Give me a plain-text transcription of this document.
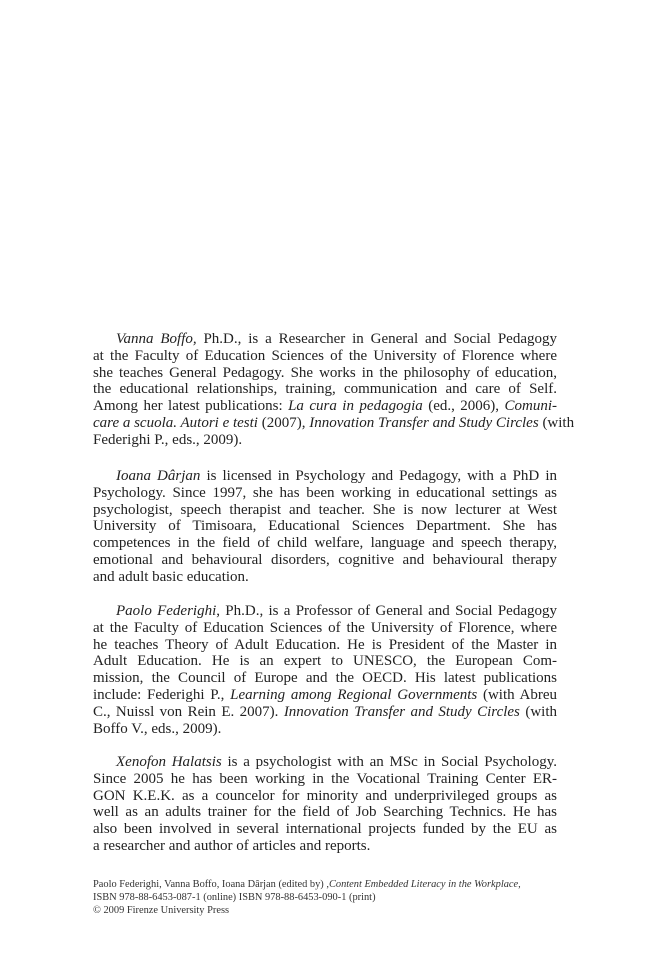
Vanna Boffo, Ph.D., is a Researcher in General and Social Pedagogy
at the Faculty of Education Sciences of the University of Florence where
she teaches General Pedagogy. She works in the philosophy of education,
the educational relationships, training, communication and care of Self.
Among her latest publications: La cura in pedagogia (ed., 2006), Comuni-
care a scuola. Autori e testi (2007), Innovation Transfer and Study Circles (with
Federighi P., eds., 2009).
Ioana Dârjan is licensed in Psychology and Pedagogy, with a PhD in
Psychology. Since 1997, she has been working in educational settings as
psychologist, speech therapist and teacher. She is now lecturer at West
University of Timisoara, Educational Sciences Department. She has
competences in the field of child welfare, language and speech therapy,
emotional and behavioural disorders, cognitive and behavioural therapy
and adult basic education.
Paolo Federighi, Ph.D., is a Professor of General and Social Pedagogy
at the Faculty of Education Sciences of the University of Florence, where
he teaches Theory of Adult Education. He is President of the Master in
Adult Education. He is an expert to UNESCO, the European Com-
mission, the Council of Europe and the OECD. His latest publications
include: Federighi P., Learning among Regional Governments (with Abreu
C., Nuissl von Rein E. 2007). Innovation Transfer and Study Circles (with
Boffo V., eds., 2009).
Xenofon Halatsis is a psychologist with an MSc in Social Psychology.
Since 2005 he has been working in the Vocational Training Center ER-
GON K.E.K. as a councelor for minority and underprivileged groups as
well as an adults trainer for the field of Job Searching Technics. He has
also been involved in several international projects funded by the EU as
a researcher and author of articles and reports.
Paolo Federighi, Vanna Boffo, Ioana Dârjan (edited by) ,Content Embedded Literacy in the Workplace,
ISBN 978-88-6453-087-1 (online) ISBN 978-88-6453-090-1 (print)
© 2009 Firenze University Press
